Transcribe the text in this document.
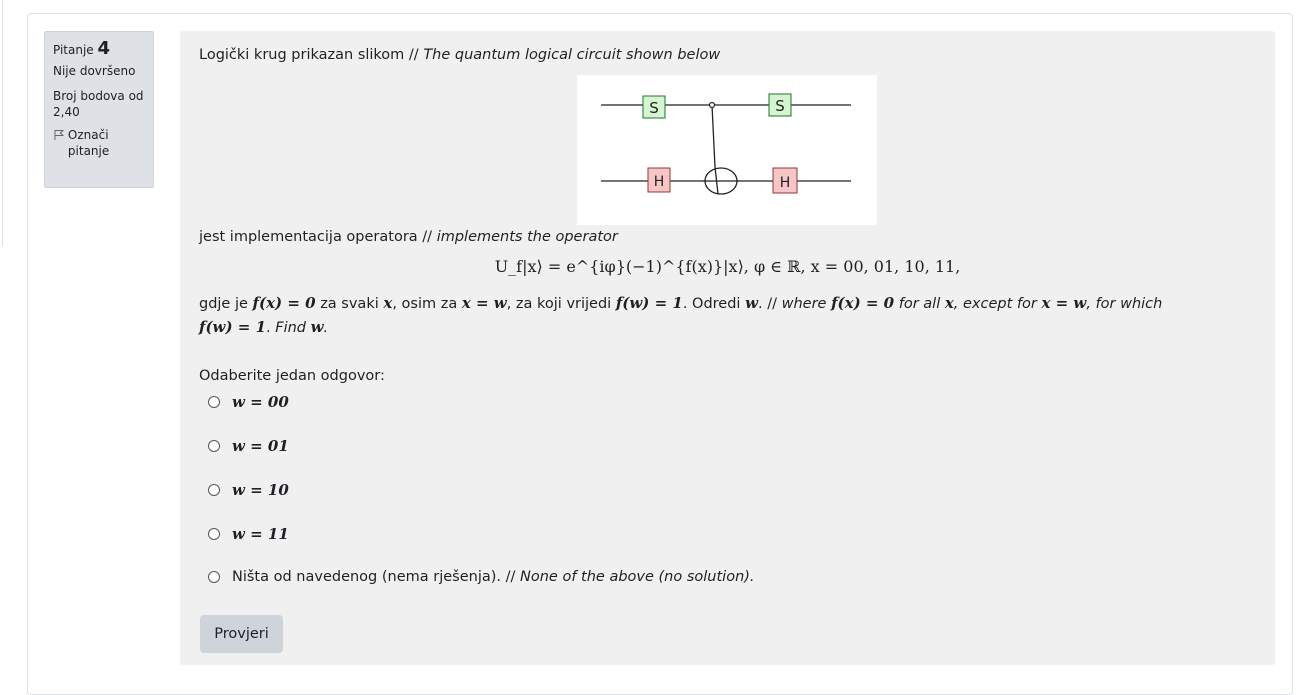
Pitanje 4
Nije dovršeno
Broj bodova od 2,40
Označi pitanje
Logički krug prikazan slikom // The quantum logical circuit shown below
S	S
H	H
jest implementacija operatora // implements the operator
U_f|x⟩ = e^{iφ}(−1)^{f(x)}|x⟩, φ ∈ ℝ, x = 00, 01, 10, 11,
gdje je f(x) = 0 za svaki x, osim za x = w, za koji vrijedi f(w) = 1. Odredi w. // where f(x) = 0 for all x, except for x = w, for which
f(w) = 1. Find w.
Odaberite jedan odgovor:
w = 00
w = 01
w = 10
w = 11
Ništa od navedenog (nema rješenja). // None of the above (no solution).
Provjeri
